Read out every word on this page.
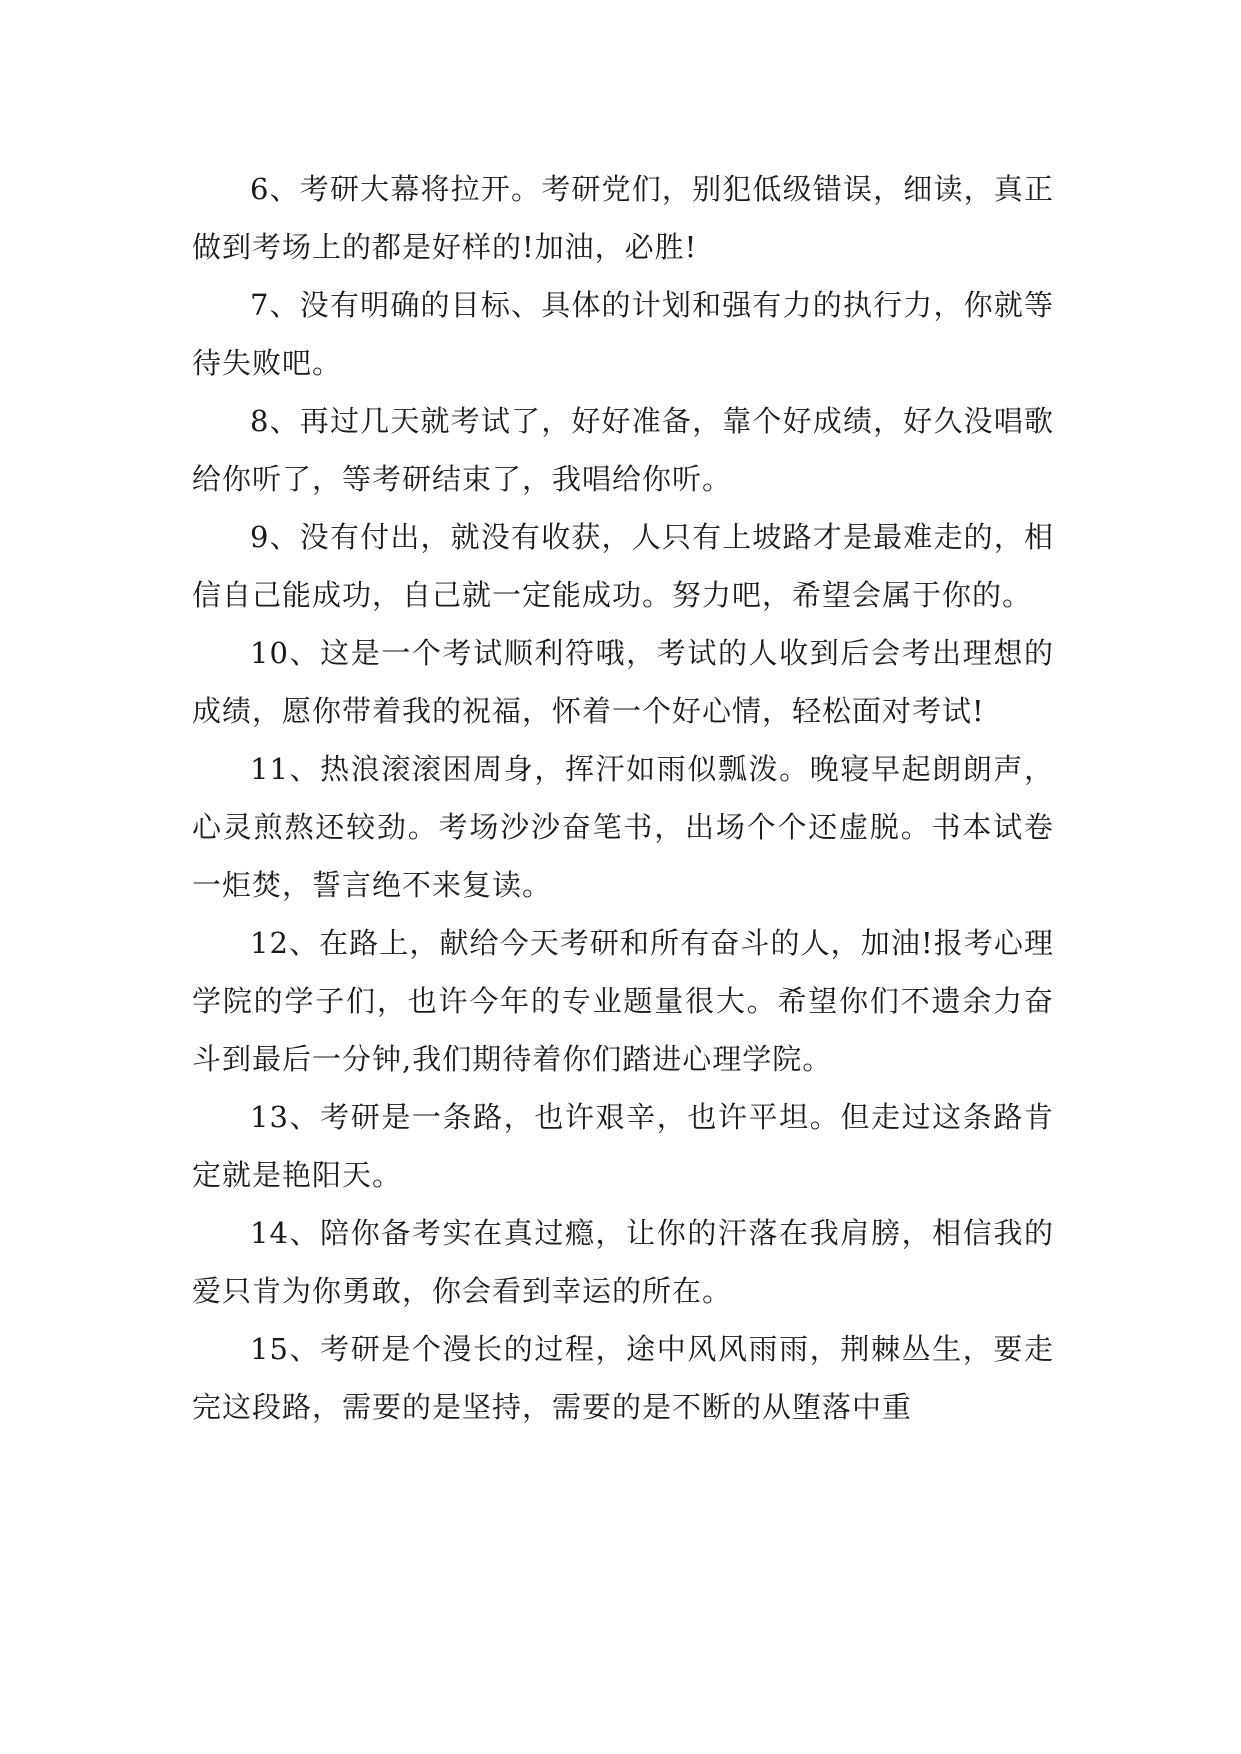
6、考研大幕将拉开。考研党们，别犯低级错误，细读，真正做到考场上的都是好样的!加油，必胜!

7、没有明确的目标、具体的计划和强有力的执行力，你就等待失败吧。

8、再过几天就考试了，好好准备，靠个好成绩，好久没唱歌给你听了，等考研结束了，我唱给你听。

9、没有付出，就没有收获，人只有上坡路才是最难走的，相信自己能成功，自己就一定能成功。努力吧，希望会属于你的。

10、这是一个考试顺利符哦，考试的人收到后会考出理想的成绩，愿你带着我的祝福，怀着一个好心情，轻松面对考试!

11、热浪滚滚困周身，挥汗如雨似瓢泼。晚寝早起朗朗声，心灵煎熬还较劲。考场沙沙奋笔书，出场个个还虚脱。书本试卷一炬焚，誓言绝不来复读。

12、在路上，献给今天考研和所有奋斗的人，加油!报考心理学院的学子们，也许今年的专业题量很大。希望你们不遗余力奋斗到最后一分钟,我们期待着你们踏进心理学院。

13、考研是一条路，也许艰辛，也许平坦。但走过这条路肯定就是艳阳天。

14、陪你备考实在真过瘾，让你的汗落在我肩膀，相信我的爱只肯为你勇敢，你会看到幸运的所在。

15、考研是个漫长的过程，途中风风雨雨，荆棘丛生，要走完这段路，需要的是坚持，需要的是不断的从堕落中重
